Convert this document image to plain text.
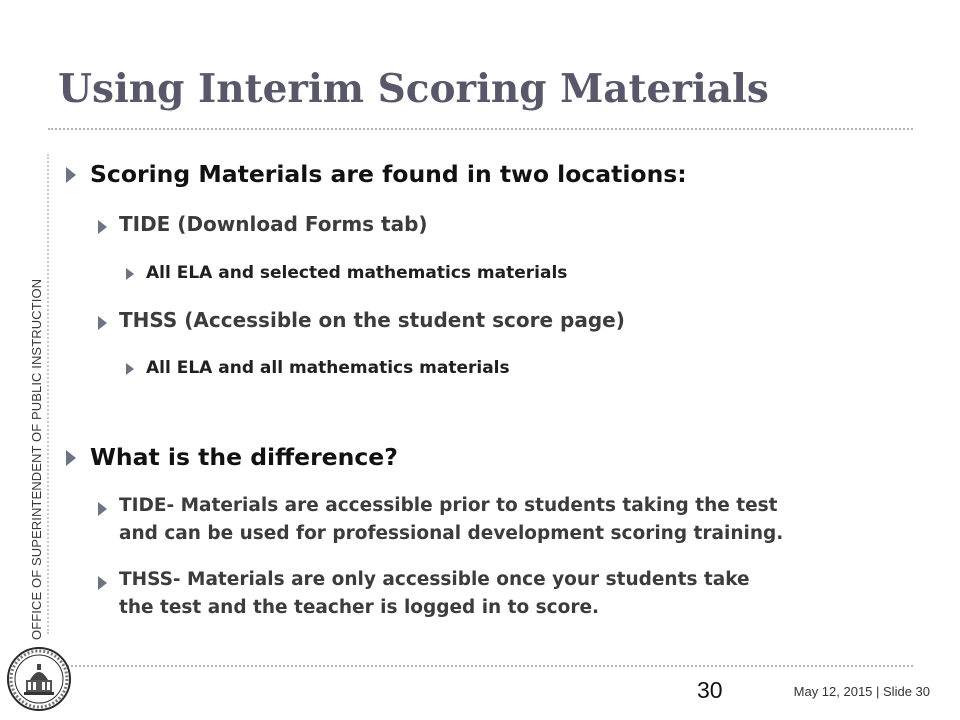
Using Interim Scoring Materials
OFFICE OF SUPERINTENDENT OF PUBLIC INSTRUCTION
Scoring Materials are found in two locations:
TIDE (Download Forms tab)
All ELA and selected mathematics materials
THSS (Accessible on the student score page)
All ELA and all mathematics materials
What is the difference?
TIDE- Materials are accessible prior to students taking the test
and can be used for professional development scoring training.
THSS- Materials are only accessible once your students take
the test and the teacher is logged in to score.
30	May 12, 2015 | Slide 30
